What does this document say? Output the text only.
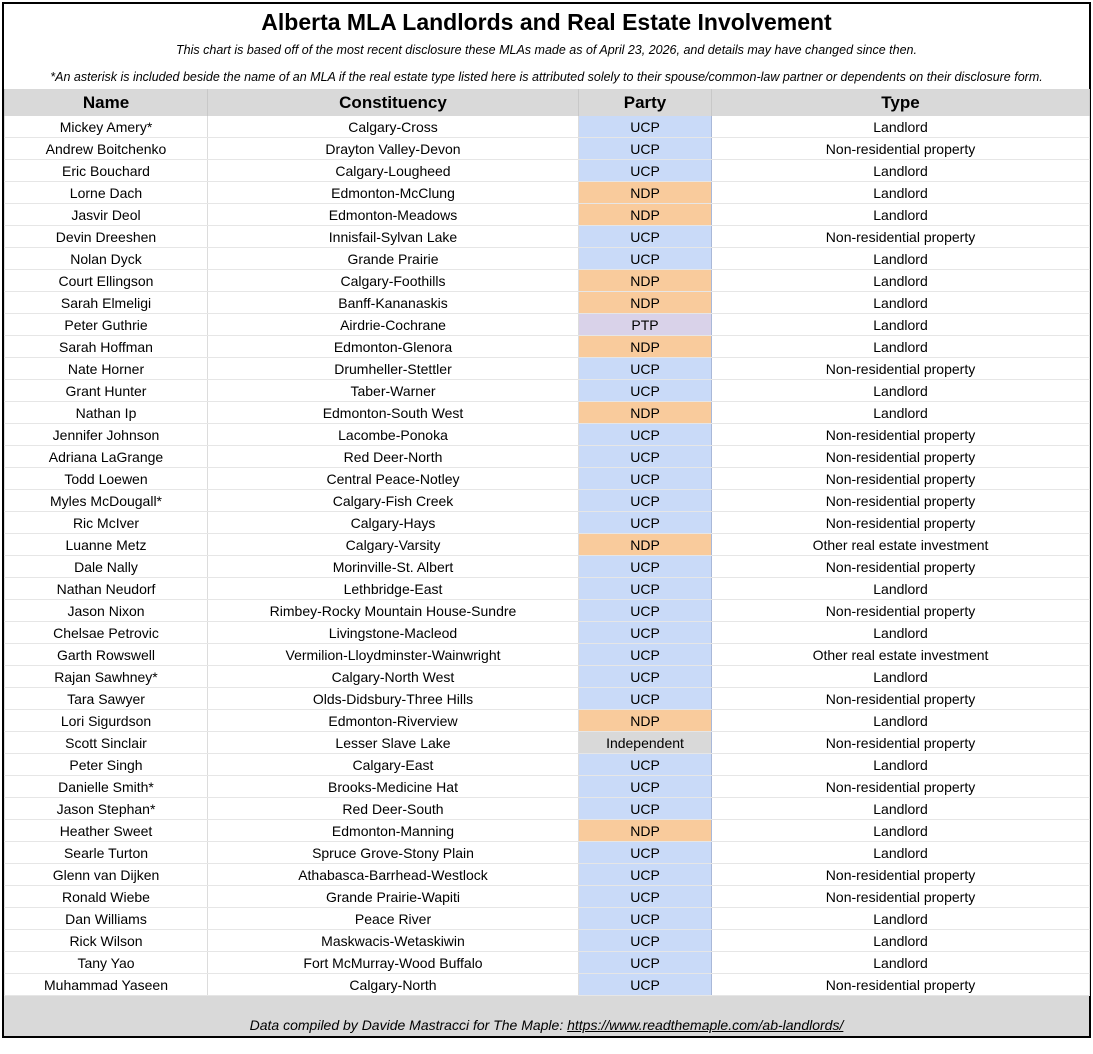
Alberta MLA Landlords and Real Estate Involvement
This chart is based off of the most recent disclosure these MLAs made as of April 23, 2026, and details may have changed since then.
*An asterisk is included beside the name of an MLA if the real estate type listed here is attributed solely to their spouse/common-law partner or dependents on their disclosure form.
Name	Constituency	Party	Type
Mickey Amery*	Calgary-Cross	UCP	Landlord
Andrew Boitchenko	Drayton Valley-Devon	UCP	Non-residential property
Eric Bouchard	Calgary-Lougheed	UCP	Landlord
Lorne Dach	Edmonton-McClung	NDP	Landlord
Jasvir Deol	Edmonton-Meadows	NDP	Landlord
Devin Dreeshen	Innisfail-Sylvan Lake	UCP	Non-residential property
Nolan Dyck	Grande Prairie	UCP	Landlord
Court Ellingson	Calgary-Foothills	NDP	Landlord
Sarah Elmeligi	Banff-Kananaskis	NDP	Landlord
Peter Guthrie	Airdrie-Cochrane	PTP	Landlord
Sarah Hoffman	Edmonton-Glenora	NDP	Landlord
Nate Horner	Drumheller-Stettler	UCP	Non-residential property
Grant Hunter	Taber-Warner	UCP	Landlord
Nathan Ip	Edmonton-South West	NDP	Landlord
Jennifer Johnson	Lacombe-Ponoka	UCP	Non-residential property
Adriana LaGrange	Red Deer-North	UCP	Non-residential property
Todd Loewen	Central Peace-Notley	UCP	Non-residential property
Myles McDougall*	Calgary-Fish Creek	UCP	Non-residential property
Ric McIver	Calgary-Hays	UCP	Non-residential property
Luanne Metz	Calgary-Varsity	NDP	Other real estate investment
Dale Nally	Morinville-St. Albert	UCP	Non-residential property
Nathan Neudorf	Lethbridge-East	UCP	Landlord
Jason Nixon	Rimbey-Rocky Mountain House-Sundre	UCP	Non-residential property
Chelsae Petrovic	Livingstone-Macleod	UCP	Landlord
Garth Rowswell	Vermilion-Lloydminster-Wainwright	UCP	Other real estate investment
Rajan Sawhney*	Calgary-North West	UCP	Landlord
Tara Sawyer	Olds-Didsbury-Three Hills	UCP	Non-residential property
Lori Sigurdson	Edmonton-Riverview	NDP	Landlord
Scott Sinclair	Lesser Slave Lake	Independent	Non-residential property
Peter Singh	Calgary-East	UCP	Landlord
Danielle Smith*	Brooks-Medicine Hat	UCP	Non-residential property
Jason Stephan*	Red Deer-South	UCP	Landlord
Heather Sweet	Edmonton-Manning	NDP	Landlord
Searle Turton	Spruce Grove-Stony Plain	UCP	Landlord
Glenn van Dijken	Athabasca-Barrhead-Westlock	UCP	Non-residential property
Ronald Wiebe	Grande Prairie-Wapiti	UCP	Non-residential property
Dan Williams	Peace River	UCP	Landlord
Rick Wilson	Maskwacis-Wetaskiwin	UCP	Landlord
Tany Yao	Fort McMurray-Wood Buffalo	UCP	Landlord
Muhammad Yaseen	Calgary-North	UCP	Non-residential property
Data compiled by Davide Mastracci for The Maple: https://www.readthemaple.com/ab-landlords/
